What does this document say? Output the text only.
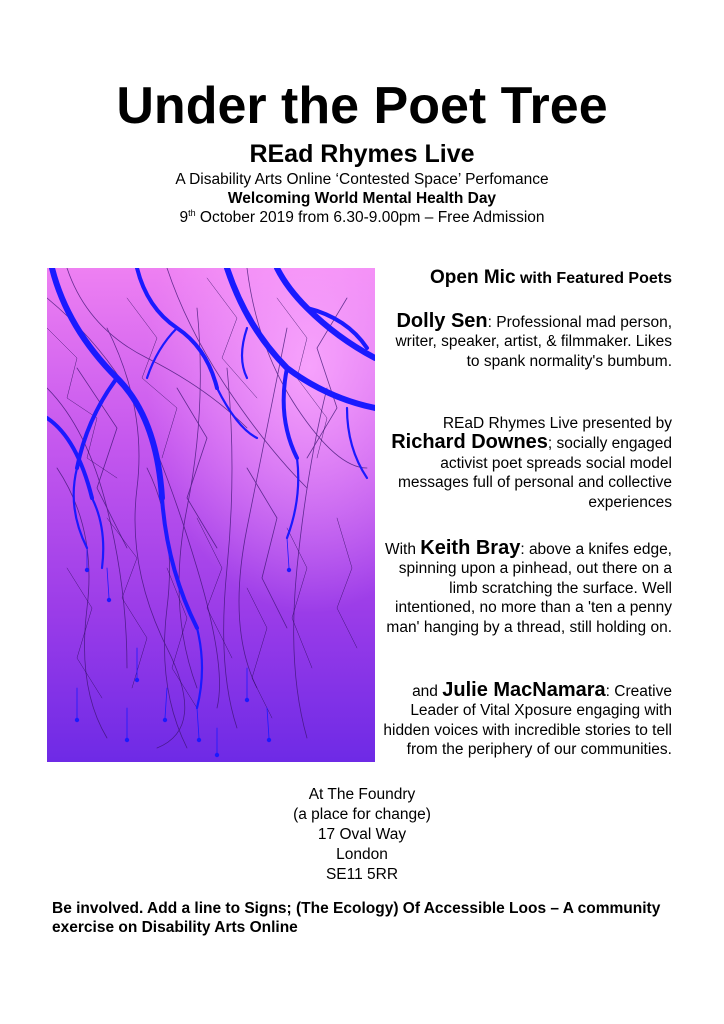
Under the Poet Tree
REad Rhymes Live
A Disability Arts Online ‘Contested Space’ Perfomance
Welcoming World Mental Health Day
9th October 2019 from 6.30-9.00pm – Free Admission
Open Mic with Featured Poets
Dolly Sen: Professional mad person, writer, speaker, artist, & filmmaker. Likes to spank normality's bumbum.
REaD Rhymes Live presented by Richard Downes; socially engaged activist poet spreads social model messages full of personal and collective experiences
With Keith Bray: above a knifes edge, spinning upon a pinhead, out there on a limb scratching the surface. Well intentioned, no more than a 'ten a penny man' hanging by a thread, still holding on.
and Julie MacNamara: Creative Leader of Vital Xposure engaging with hidden voices with incredible stories to tell from the periphery of our communities.
At The Foundry
(a place for change)
17 Oval Way
London
SE11 5RR
Be involved. Add a line to Signs; (The Ecology) Of Accessible Loos – A community exercise on Disability Arts Online
